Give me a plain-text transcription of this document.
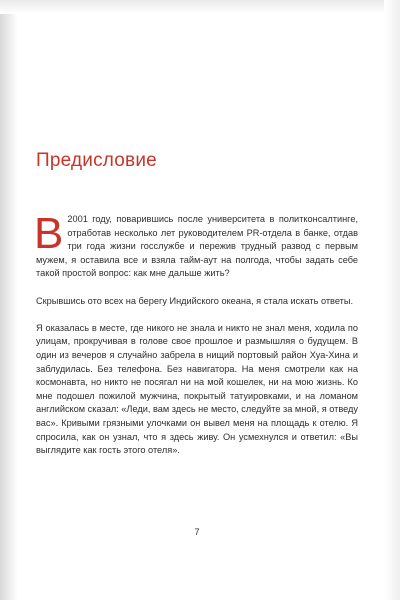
Предисловие

В 2001 году, поварившись после университета в политконсалтинге, отработав несколько лет руководителем PR-отдела в банке, отдав три года жизни госслужбе и пережив трудный развод с первым мужем, я оставила все и взяла тайм-аут на полгода, чтобы задать себе такой простой вопрос: как мне дальше жить?

Скрывшись ото всех на берегу Индийского океана, я стала искать ответы.

Я оказалась в месте, где никого не знала и никто не знал меня, ходила по улицам, прокручивая в голове свое прошлое и размышляя о будущем. В один из вечеров я случайно забрела в нищий портовый район Хуа-Хина и заблудилась. Без телефона. Без навигатора. На меня смотрели как на космонавта, но никто не посягал ни на мой кошелек, ни на мою жизнь. Ко мне подошел пожилой мужчина, покрытый татуировками, и на ломаном английском сказал: «Леди, вам здесь не место, следуйте за мной, я отведу вас». Кривыми грязными улочками он вывел меня на площадь к отелю. Я спросила, как он узнал, что я здесь живу. Он усмехнулся и ответил: «Вы выглядите как гость этого отеля».

7
